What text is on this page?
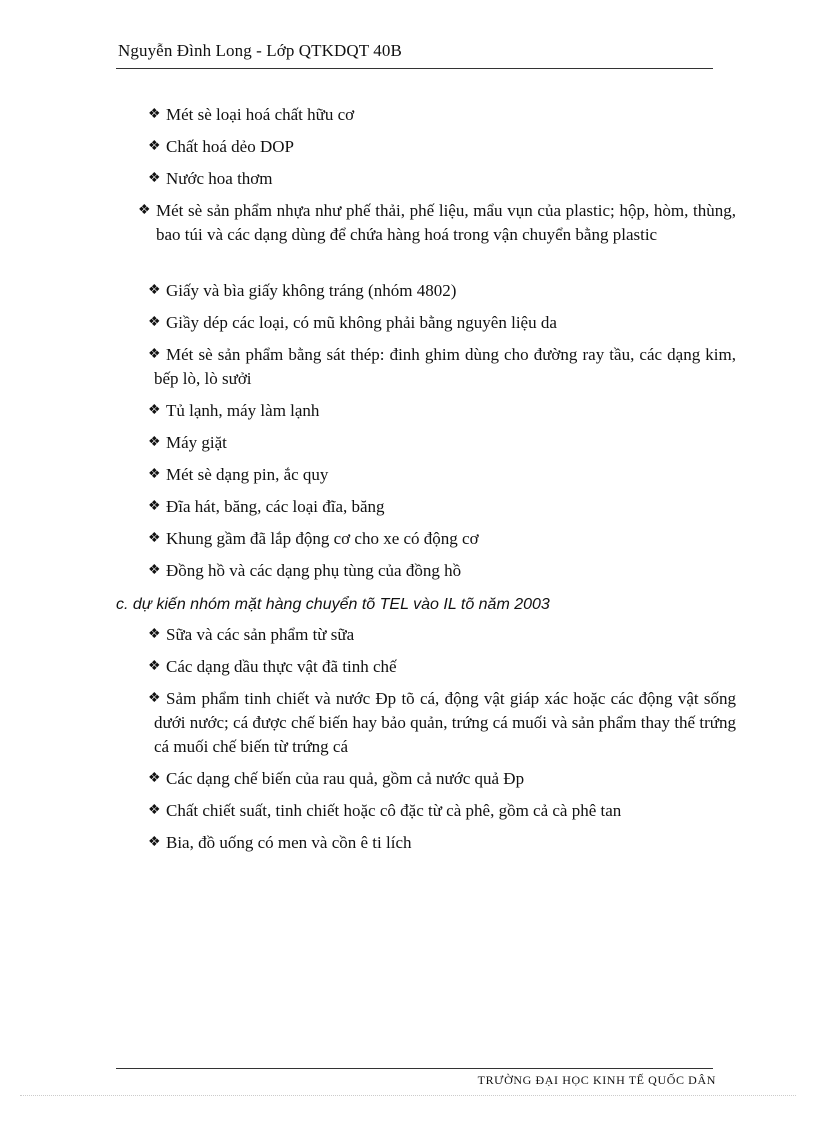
Nguyễn Đình Long - Lớp QTKDQT 40B
❖ Mét sè loại hoá chất hữu cơ
❖ Chất hoá dẻo DOP
❖ Nước hoa thơm
❖ Mét sè sản phẩm nhựa như phế thải, phế liệu, mẩu vụn của plastic; hộp, hòm, thùng, bao túi và các dạng dùng để chứa hàng hoá trong vận chuyển bằng plastic
❖ Giấy và bìa giấy không tráng (nhóm 4802)
❖ Giầy dép các loại, có mũ không phải bằng nguyên liệu da
❖ Mét sè sản phẩm bằng sát thép: đinh ghim dùng cho đường ray tầu, các dạng kim, bếp lò, lò sưởi
❖ Tủ lạnh, máy làm lạnh
❖ Máy giặt
❖ Mét sè dạng pin, ắc quy
❖ Đĩa hát, băng, các loại đĩa, băng
❖ Khung gầm đã lắp động cơ cho xe có động cơ
❖ Đồng hồ và các dạng phụ tùng của đồng hồ
c. dự kiến nhóm mặt hàng chuyển tõ TEL vào IL tõ năm 2003
❖ Sữa và các sản phẩm từ sữa
❖ Các dạng dầu thực vật đã tinh chế
❖ Sảm phẩm tinh chiết và nước Đp tõ cá, động vật giáp xác hoặc các động vật sống dưới nước; cá được chế biến hay bảo quản, trứng cá muối và sản phẩm thay thế trứng cá muối chế biến từ trứng cá
❖ Các dạng chế biến của rau quả, gồm cả nước quả Đp
❖ Chất chiết suất, tinh chiết hoặc cô đặc từ cà phê, gồm cả cà phê tan
❖ Bia, đồ uống có men và cồn ê ti lích
TRƯỜNG ĐẠI HỌC KINH TẾ QUỐC DÂN
